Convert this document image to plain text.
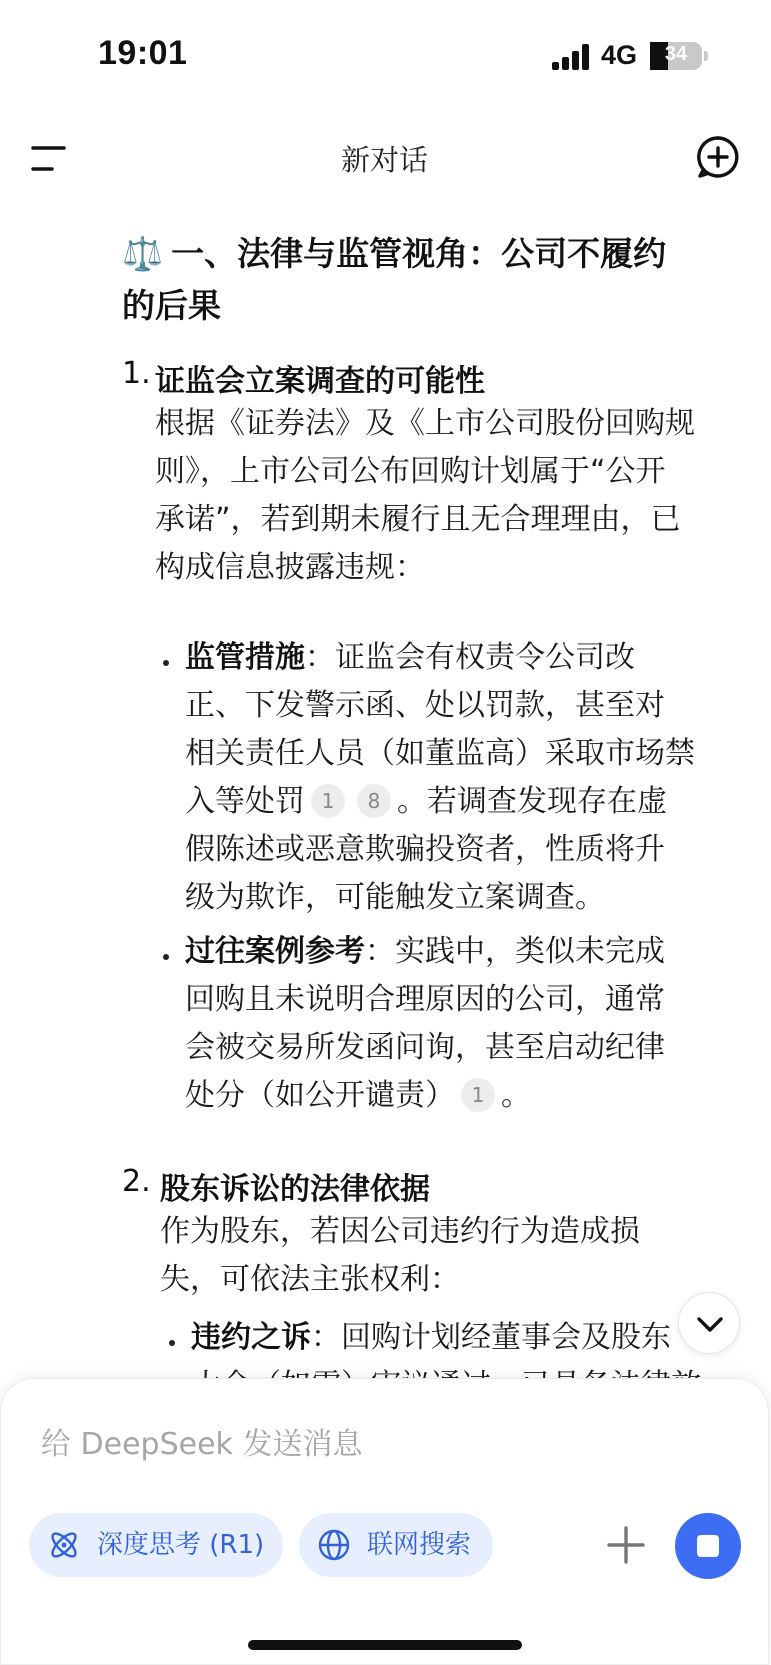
19:01	4G	34
新对话
⚖️ 一、法律与监管视角：公司不履约
的后果
1. 证监会立案调查的可能性
根据《证券法》及《上市公司股份回购规
则》，上市公司公布回购计划属于“公开
承诺”，若到期未履行且无合理理由，已
构成信息披露违规：
监管措施：证监会有权责令公司改
正、下发警示函、处以罚款，甚至对
相关责任人员（如董监高）采取市场禁
入等处罚 1 8 。若调查发现存在虚
假陈述或恶意欺骗投资者，性质将升
级为欺诈，可能触发立案调查。
过往案例参考：实践中，类似未完成
回购且未说明合理原因的公司，通常
会被交易所发函问询，甚至启动纪律
处分（如公开谴责） 1 。
2. 股东诉讼的法律依据
作为股东，若因公司违约行为造成损
失，可依法主张权利：
违约之诉：回购计划经董事会及股东
给 DeepSeek 发送消息
深度思考 (R1)	联网搜索
